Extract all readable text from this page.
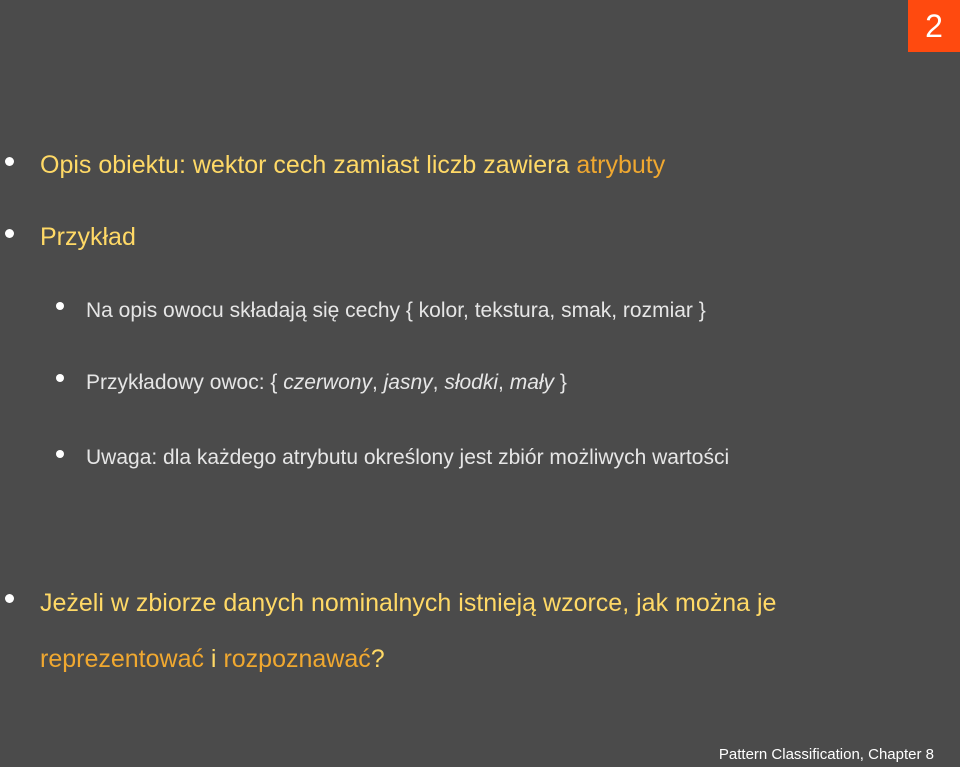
2
Opis obiektu: wektor cech zamiast liczb zawiera atrybuty
Przykład
Na opis owocu składają się cechy { kolor, tekstura, smak, rozmiar }
Przykładowy owoc: { czerwony, jasny, słodki, mały }
Uwaga: dla każdego atrybutu określony jest zbiór możliwych wartości
Jeżeli w zbiorze danych nominalnych istnieją wzorce, jak można je
reprezentować i rozpoznawać?
Pattern Classification, Chapter 8
